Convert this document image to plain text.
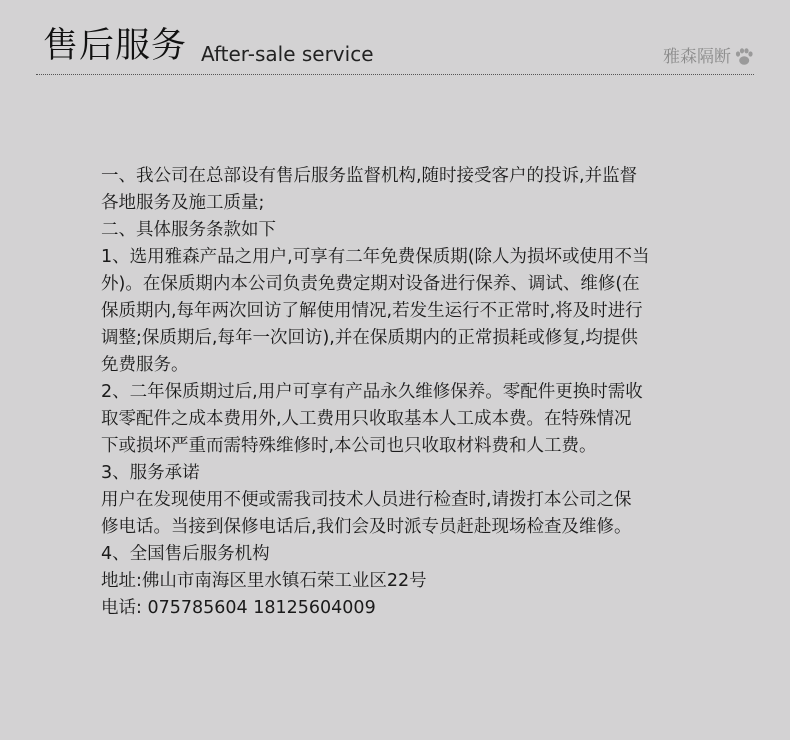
售后服务 After-sale service	雅森隔断
一、我公司在总部设有售后服务监督机构,随时接受客户的投诉,并监督
各地服务及施工质量;
二、具体服务条款如下
1、选用雅森产品之用户,可享有二年免费保质期(除人为损坏或使用不当
外)。在保质期内本公司负责免费定期对设备进行保养、调试、维修(在
保质期内,每年两次回访了解使用情况,若发生运行不正常时,将及时进行
调整;保质期后,每年一次回访),并在保质期内的正常损耗或修复,均提供
免费服务。
2、二年保质期过后,用户可享有产品永久维修保养。零配件更换时需收
取零配件之成本费用外,人工费用只收取基本人工成本费。在特殊情况
下或损坏严重而需特殊维修时,本公司也只收取材料费和人工费。
3、服务承诺
用户在发现使用不便或需我司技术人员进行检查时,请拨打本公司之保
修电话。当接到保修电话后,我们会及时派专员赶赴现场检查及维修。
4、全国售后服务机构
地址:佛山市南海区里水镇石荣工业区22号
电话: 075785604 18125604009
